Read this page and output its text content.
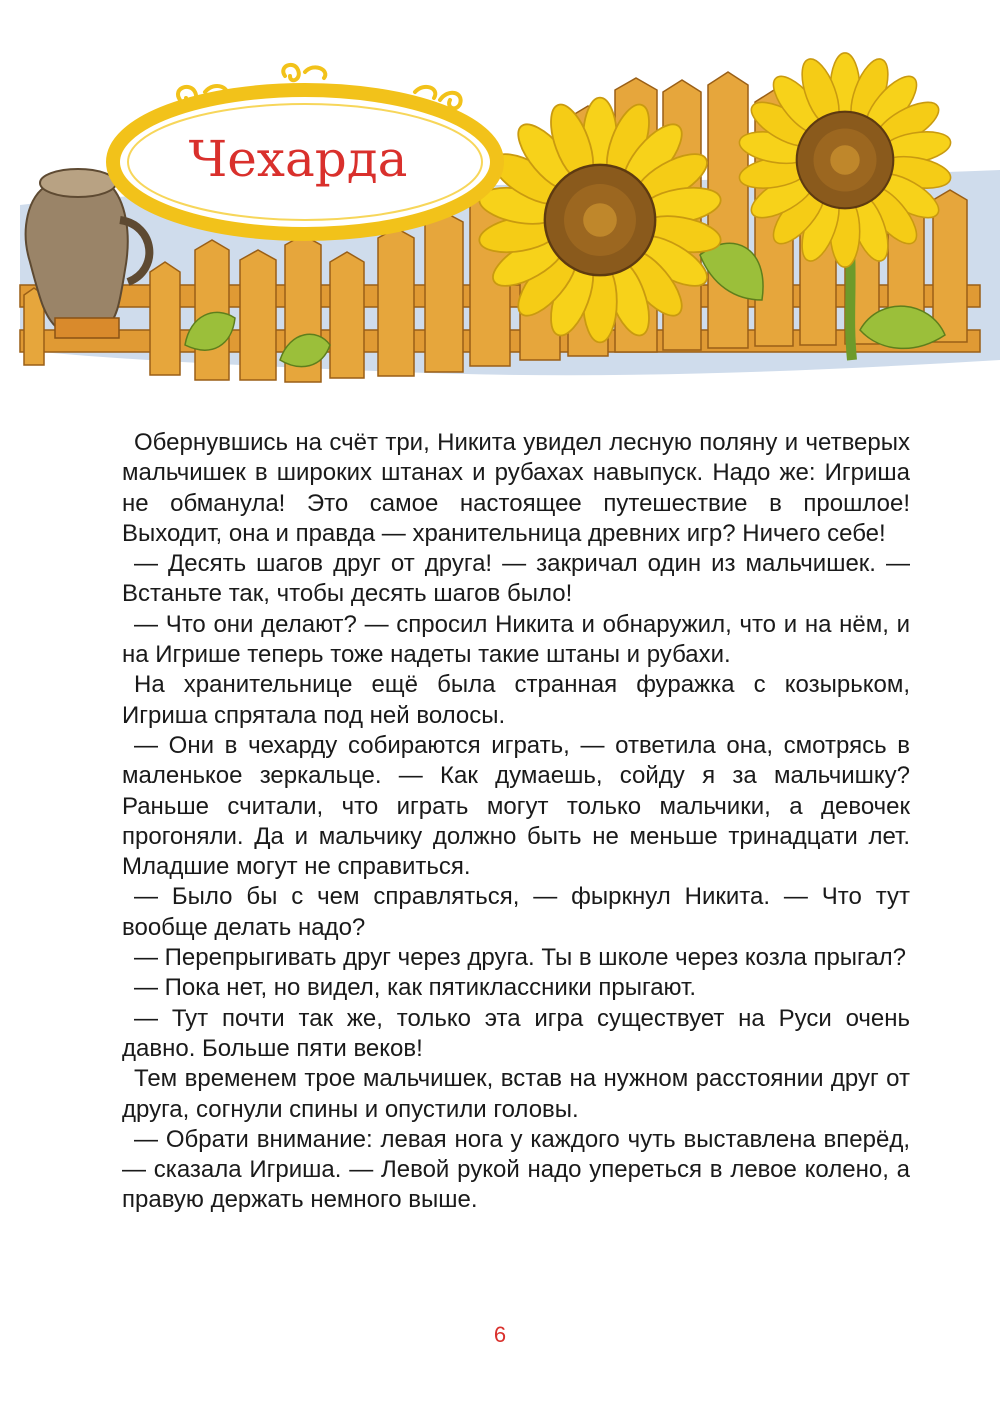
Чехарда

Обернувшись на счёт три, Никита увидел лесную поляну и четверых мальчишек в широких штанах и рубахах навыпуск. Надо же: Игриша не обманула! Это самое настоящее путешествие в прошлое! Выходит, она и правда — хранительница древних игр? Ничего себе!

— Десять шагов друг от друга! — закричал один из мальчишек. — Встаньте так, чтобы десять шагов было!

— Что они делают? — спросил Никита и обнаружил, что и на нём, и на Игрише теперь тоже надеты такие штаны и рубахи.

На хранительнице ещё была странная фуражка с козырьком, Игриша спрятала под ней волосы.

— Они в чехарду собираются играть, — ответила она, смотрясь в маленькое зеркальце. — Как думаешь, сойду я за мальчишку? Раньше считали, что играть могут только мальчики, а девочек прогоняли. Да и мальчику должно быть не меньше тринадцати лет. Младшие могут не справиться.

— Было бы с чем справляться, — фыркнул Никита. — Что тут вообще делать надо?

— Перепрыгивать друг через друга. Ты в школе через козла прыгал?

— Пока нет, но видел, как пятиклассники прыгают.

— Тут почти так же, только эта игра существует на Руси очень давно. Больше пяти веков!

Тем временем трое мальчишек, встав на нужном расстоянии друг от друга, согнули спины и опустили головы.

— Обрати внимание: левая нога у каждого чуть выставлена вперёд, — сказала Игриша. — Левой рукой надо упереться в левое колено, а правую держать немного выше.

6
